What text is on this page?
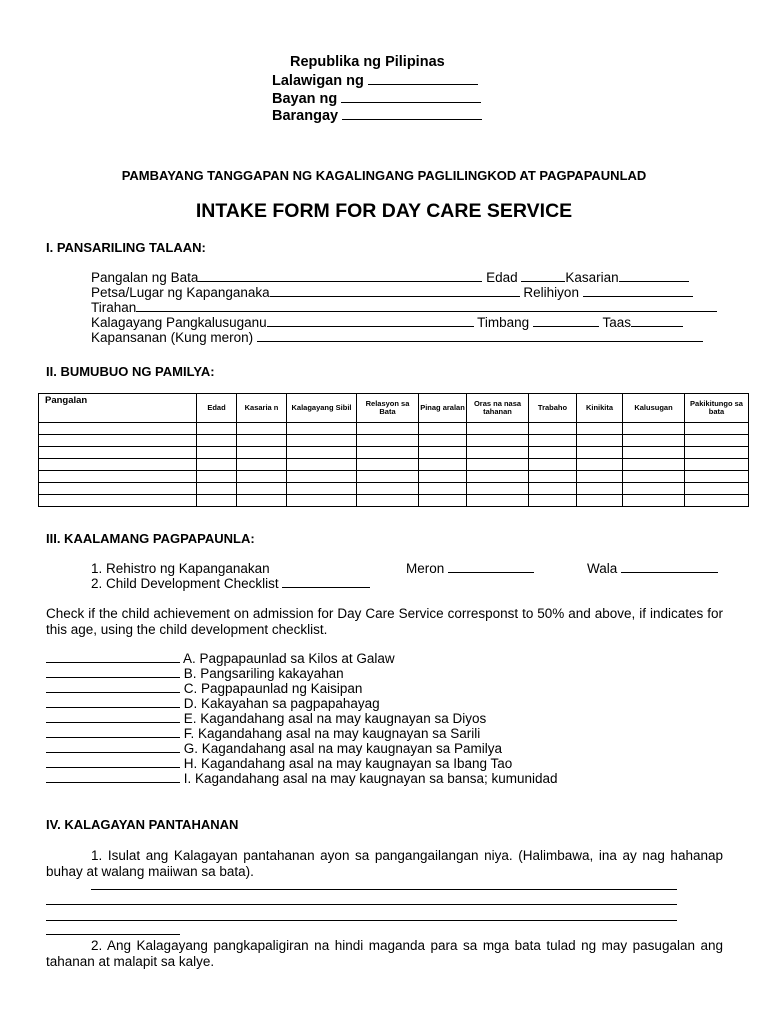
Republika ng Pilipinas
Lalawigan ng
Bayan ng
Barangay
PAMBAYANG TANGGAPAN NG KAGALINGANG PAGLILINGKOD AT PAGPAPAUNLAD
INTAKE FORM FOR DAY CARE SERVICE
I. PANSARILING TALAAN:
Pangalan ng Bata	Edad	Kasarian
Petsa/Lugar ng Kapanganaka	Relihiyon
Tirahan
Kalagayang Pangkalusuganu	Timbang	Taas
Kapansanan (Kung meron)
II. BUMUBUO NG PAMILYA:
Pangalan	Edad	Kasaria n	Kalagayang Sibil	Relasyon sa Bata	Pinag aralan	Oras na nasa tahanan	Trabaho	Kinikita	Kalusugan	Pakikitungo sa bata

III. KAALAMANG PAGPAPAUNLA:
1. Rehistro ng Kapanganakan	Meron	Wala
2. Child Development Checklist
Check if the child achievement on admission for Day Care Service corresponst to 50% and above, if indicates for this age, using the child development checklist.
A. Pagpapaunlad sa Kilos at Galaw
B. Pangsariling kakayahan
C. Pagpapaunlad ng Kaisipan
D. Kakayahan sa pagpapahayag
E. Kagandahang asal na may kaugnayan sa Diyos
F. Kagandahang asal na may kaugnayan sa Sarili
G. Kagandahang asal na may kaugnayan sa Pamilya
H. Kagandahang asal na may kaugnayan sa Ibang Tao
I. Kagandahang asal na may kaugnayan sa bansa; kumunidad
IV. KALAGAYAN PANTAHANAN
1. Isulat ang Kalagayan pantahanan ayon sa pangangailangan niya. (Halimbawa, ina ay nag hahanap buhay at walang maiiwan sa bata).
2. Ang Kalagayang pangkapaligiran na hindi maganda para sa mga bata tulad ng may pasugalan ang tahanan at malapit sa kalye.
